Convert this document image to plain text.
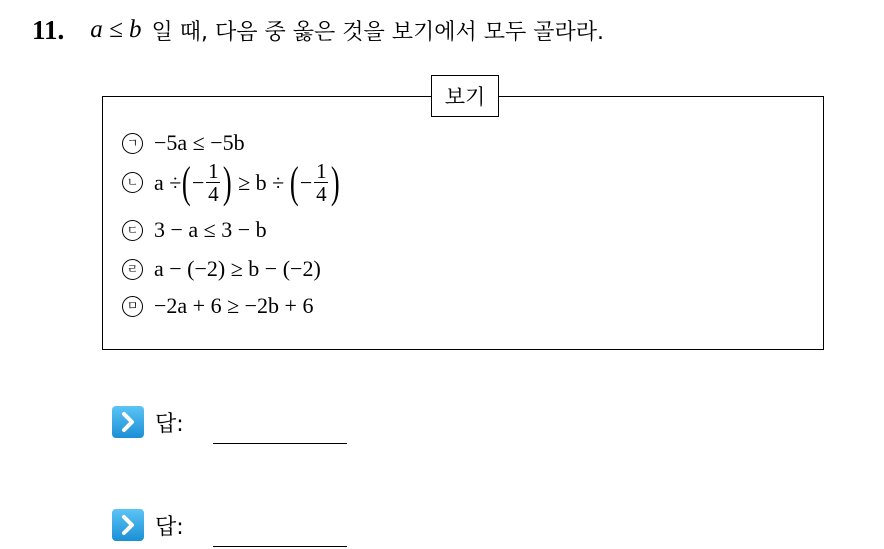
11. a ≤ b 일 때, 다음 중 옳은 것을 보기에서 모두 골라라.
보기
ㄱ −5a ≤ −5b
ㄴ a ÷ ( − $\frac{1}{4}$ ) ≥ b ÷ ( − $\frac{1}{4}$ )
ㄷ 3 − a ≤ 3 − b
ㄹ a − (−2) ≥ b − (−2)
ㅁ −2a + 6 ≥ −2b + 6
답:
답:
